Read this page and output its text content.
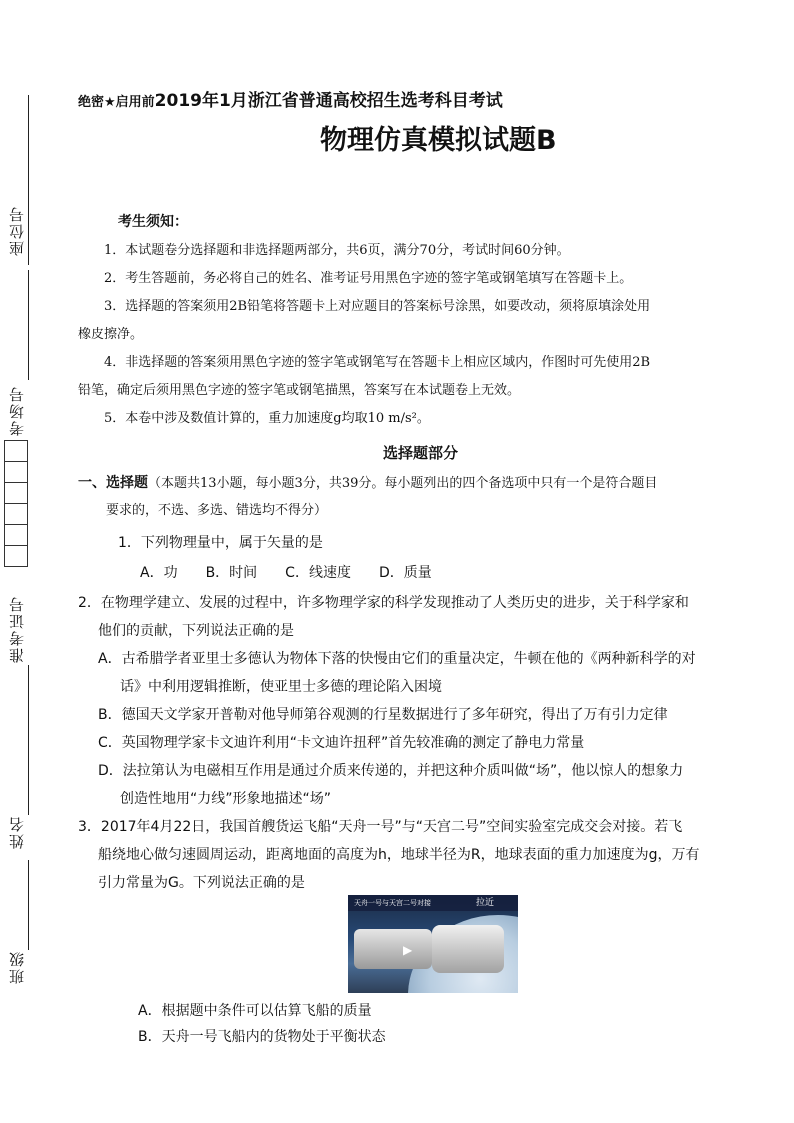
座位号
考场号
准考证号
姓名
班级
绝密★启用前2019年1月浙江省普通高校招生选考科目考试
物理仿真模拟试题B
考生须知：
1．本试题卷分选择题和非选择题两部分，共6页，满分70分，考试时间60分钟。
2．考生答题前，务必将自己的姓名、准考证号用黑色字迹的签字笔或钢笔填写在答题卡上。
3．选择题的答案须用2B铅笔将答题卡上对应题目的答案标号涂黑，如要改动，须将原填涂处用
橡皮擦净。
4．非选择题的答案须用黑色字迹的签字笔或钢笔写在答题卡上相应区域内，作图时可先使用2B
铅笔，确定后须用黑色字迹的签字笔或钢笔描黑，答案写在本试题卷上无效。
5．本卷中涉及数值计算的，重力加速度g均取10 m/s²。
选择题部分
一、选择题（本题共13小题，每小题3分，共39分。每小题列出的四个备选项中只有一个是符合题目
要求的，不选、多选、错选均不得分）
1．下列物理量中，属于矢量的是
A．功　　B．时间　　C．线速度　　D．质量
2．在物理学建立、发展的过程中，许多物理学家的科学发现推动了人类历史的进步，关于科学家和
他们的贡献，下列说法正确的是
A．古希腊学者亚里士多德认为物体下落的快慢由它们的重量决定，牛顿在他的《两种新科学的对
话》中利用逻辑推断，使亚里士多德的理论陷入困境
B．德国天文学家开普勒对他导师第谷观测的行星数据进行了多年研究，得出了万有引力定律
C．英国物理学家卡文迪许利用“卡文迪许扭秤”首先较准确的测定了静电力常量
D．法拉第认为电磁相互作用是通过介质来传递的，并把这种介质叫做“场”，他以惊人的想象力
创造性地用“力线”形象地描述“场”
3．2017年4月22日，我国首艘货运飞船“天舟一号”与“天宫二号”空间实验室完成交会对接。若飞
船绕地心做匀速圆周运动，距离地面的高度为h，地球半径为R，地球表面的重力加速度为g，万有
引力常量为G。下列说法正确的是
▶
天舟一号与天宫二号对接	拉近
A．根据题中条件可以估算飞船的质量
B．天舟一号飞船内的货物处于平衡状态
